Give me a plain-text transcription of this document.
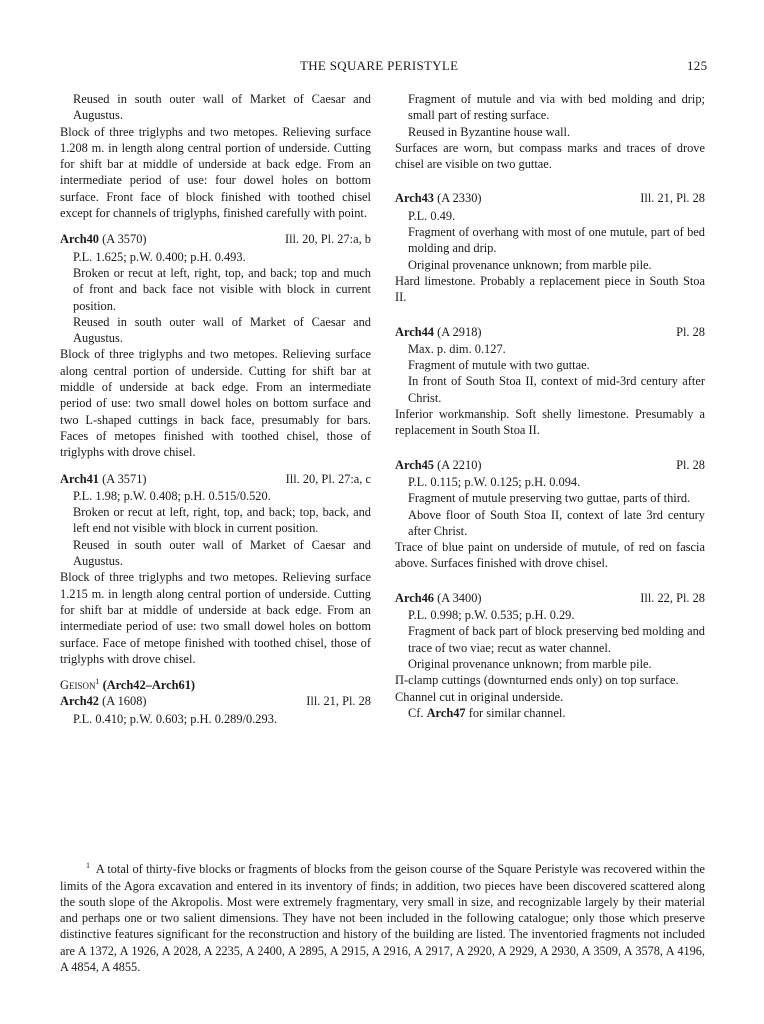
THE SQUARE PERISTYLE	125

Reused in south outer wall of Market of Caesar and Augustus.

Block of three triglyphs and two metopes. Relieving surface 1.208 m. in length along central portion of underside. Cutting for shift bar at middle of underside at back edge. From an intermediate period of use: four dowel holes on bottom surface. Front face of block finished with toothed chisel except for channels of triglyphs, finished carefully with point.

Arch40 (A 3570)	Ill. 20, Pl. 27:a, b

P.L. 1.625; p.W. 0.400; p.H. 0.493.

Broken or recut at left, right, top, and back; top and much of front and back face not visible with block in current position.

Reused in south outer wall of Market of Caesar and Augustus.

Block of three triglyphs and two metopes. Relieving surface along central portion of underside. Cutting for shift bar at middle of underside at back edge. From an intermediate period of use: two small dowel holes on bottom surface and two L-shaped cuttings in back face, presumably for bars. Faces of metopes finished with toothed chisel, those of triglyphs with drove chisel.

Arch41 (A 3571)	Ill. 20, Pl. 27:a, c

P.L. 1.98; p.W. 0.408; p.H. 0.515/0.520.

Broken or recut at left, right, top, and back; top, back, and left end not visible with block in current position.

Reused in south outer wall of Market of Caesar and Augustus.

Block of three triglyphs and two metopes. Relieving surface 1.215 m. in length along central portion of underside. Cutting for shift bar at middle of underside at back edge. From an intermediate period of use: two small dowel holes on bottom surface. Face of metope finished with toothed chisel, those of triglyphs with drove chisel.

Geison$^1$ (Arch42–Arch61)

Arch42 (A 1608)	Ill. 21, Pl. 28

P.L. 0.410; p.W. 0.603; p.H. 0.289/0.293.

Fragment of mutule and via with bed molding and drip; small part of resting surface.

Reused in Byzantine house wall.

Surfaces are worn, but compass marks and traces of drove chisel are visible on two guttae.

Arch43 (A 2330)	Ill. 21, Pl. 28

P.L. 0.49.

Fragment of overhang with most of one mutule, part of bed molding and drip.

Original provenance unknown; from marble pile.

Hard limestone. Probably a replacement piece in South Stoa II.

Arch44 (A 2918)	Pl. 28

Max. p. dim. 0.127.

Fragment of mutule with two guttae.

In front of South Stoa II, context of mid-3rd century after Christ.

Inferior workmanship. Soft shelly limestone. Presumably a replacement in South Stoa II.

Arch45 (A 2210)	Pl. 28

P.L. 0.115; p.W. 0.125; p.H. 0.094.

Fragment of mutule preserving two guttae, parts of third.

Above floor of South Stoa II, context of late 3rd century after Christ.

Trace of blue paint on underside of mutule, of red on fascia above. Surfaces finished with drove chisel.

Arch46 (A 3400)	Ill. 22, Pl. 28

P.L. 0.998; p.W. 0.535; p.H. 0.29.

Fragment of back part of block preserving bed molding and trace of two viae; recut as water channel.

Original provenance unknown; from marble pile.

Π-clamp cuttings (downturned ends only) on top surface.

Channel cut in original underside.

Cf. Arch47 for similar channel.

$^1$ A total of thirty-five blocks or fragments of blocks from the geison course of the Square Peristyle was recovered within the limits of the Agora excavation and entered in its inventory of finds; in addition, two pieces have been discovered scattered along the south slope of the Akropolis. Most were extremely fragmentary, very small in size, and recognizable largely by their material and perhaps one or two salient dimensions. They have not been included in the following catalogue; only those which preserve distinctive features significant for the reconstruction and history of the building are listed. The inventoried fragments not included are A 1372, A 1926, A 2028, A 2235, A 2400, A 2895, A 2915, A 2916, A 2917, A 2920, A 2929, A 2930, A 3509, A 3578, A 4196, A 4854, A 4855.
